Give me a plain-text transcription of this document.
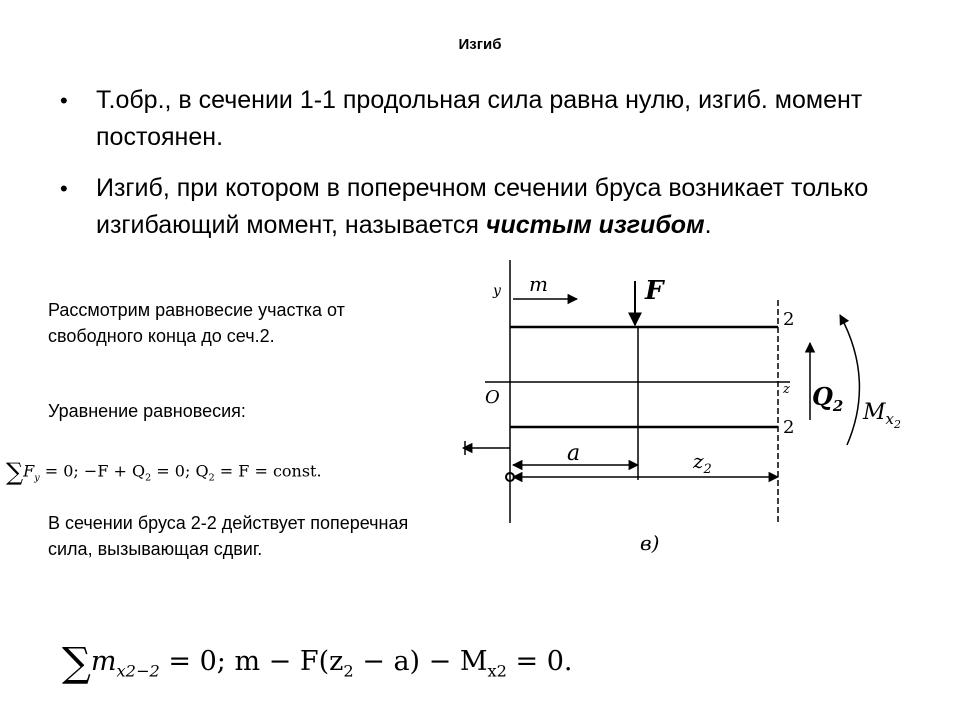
Изгиб
• Т.обр., в сечении 1-1 продольная сила равна нулю, изгиб. момент постоянен.
• Изгиб, при котором в поперечном сечении бруса возникает только изгибающий момент, называется чистым изгибом.
Рассмотрим равновесие участка от свободного конца до сеч.2.
Уравнение равновесия:
$\sum F_y = 0$; $-F + Q_2 = 0$; $Q_2 = F$ = const.
В сечении бруса 2-2 действует поперечная сила, вызывающая сдвиг.
$\sum m_{x2-2} = 0$; $m - F(z_2 - a) - M_{x2} = 0$.
y m	F
O	z
2
2
$Q_2$ $M_x2$
a	$z_2$
в)
